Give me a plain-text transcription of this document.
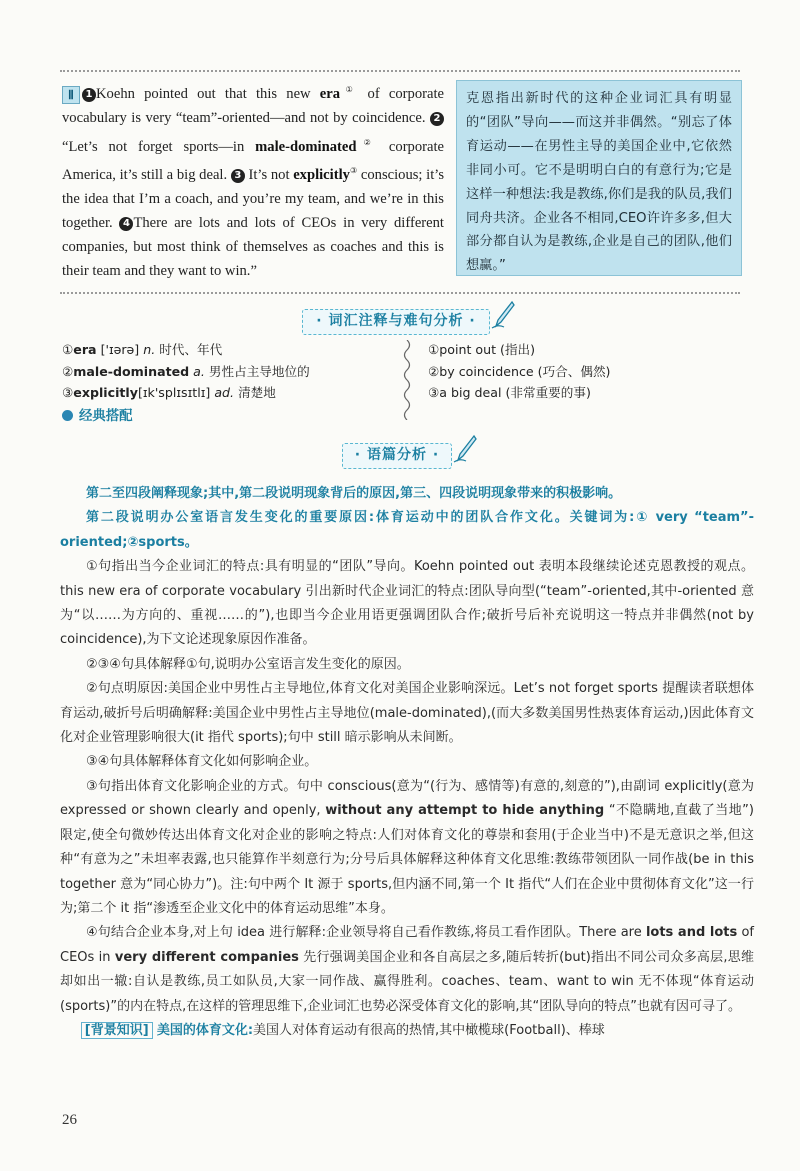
Ⅱ 1 Koehn pointed out that this new era① of corporate vocabulary is very “team”-oriented—and not by coincidence. 2“Let’s not forget sports—in male-dominated② corporate America, it’s still a big deal. 3 It’s not explicitly③ conscious; it’s the idea that I’m a coach, and you’re my team, and we’re in this together. 4 There are lots and lots of CEOs in very different companies, but most think of themselves as coaches and this is their team and they want to win.”
克恩指出新时代的这种企业词汇具有明显的“团队”导向——而这并非偶然。“别忘了体育运动——在男性主导的美国企业中,它依然非同小可。它不是明明白白的有意行为;它是这样一种想法:我是教练,你们是我的队员,我们同舟共济。企业各不相同,CEO许许多多,但大部分都自认为是教练,企业是自己的团队,他们想赢。”
· 词汇注释与难句分析 ·
①era ['ɪərə] n. 时代、年代
②male-dominated a. 男性占主导地位的
③explicitly[ɪk'splɪsɪtlɪ] ad. 清楚地
①point out (指出)
②by coincidence (巧合、偶然)
③a big deal (非常重要的事)
经典搭配
· 语篇分析 ·

第二至四段阐释现象;其中,第二段说明现象背后的原因,第三、四段说明现象带来的积极影响。

第二段说明办公室语言发生变化的重要原因:体育运动中的团队合作文化。关键词为:① very “team”-oriented;②sports。

①句指出当今企业词汇的特点:具有明显的“团队”导向。Koehn pointed out 表明本段继续论述克恩教授的观点。this new era of corporate vocabulary 引出新时代企业词汇的特点:团队导向型(“team”-oriented,其中-oriented 意为“以……为方向的、重视……的”),也即当今企业用语更强调团队合作;破折号后补充说明这一特点并非偶然(not by coincidence),为下文论述现象原因作准备。

②③④句具体解释①句,说明办公室语言发生变化的原因。

②句点明原因:美国企业中男性占主导地位,体育文化对美国企业影响深远。Let’s not forget sports 提醒读者联想体育运动,破折号后明确解释:美国企业中男性占主导地位(male-dominated),(而大多数美国男性热衷体育运动,)因此体育文化对企业管理影响很大(it 指代 sports);句中 still 暗示影响从未间断。

③④句具体解释体育文化如何影响企业。

③句指出体育文化影响企业的方式。句中 conscious(意为“(行为、感情等)有意的,刻意的”),由副词 explicitly(意为 expressed or shown clearly and openly, without any attempt to hide anything “不隐瞒地,直截了当地”)限定,使全句微妙传达出体育文化对企业的影响之特点:人们对体育文化的尊崇和套用(于企业当中)不是无意识之举,但这种“有意为之”未坦率表露,也只能算作半刻意行为;分号后具体解释这种体育文化思维:教练带领团队一同作战(be in this together 意为“同心协力”)。注:句中两个 It 源于 sports,但内涵不同,第一个 It 指代“人们在企业中贯彻体育文化”这一行为;第二个 it 指“渗透至企业文化中的体育运动思维”本身。

④句结合企业本身,对上句 idea 进行解释:企业领导将自己看作教练,将员工看作团队。There are lots and lots of CEOs in very different companies 先行强调美国企业和各自高层之多,随后转折(but)指出不同公司众多高层,思维却如出一辙:自认是教练,员工如队员,大家一同作战、赢得胜利。coaches、team、want to win 无不体现“体育运动(sports)”的内在特点,在这样的管理思维下,企业词汇也势必深受体育文化的影响,其“团队导向的特点”也就有因可寻了。

[背景知识] 美国的体育文化:美国人对体育运动有很高的热情,其中橄榄球(Football)、棒球

26
